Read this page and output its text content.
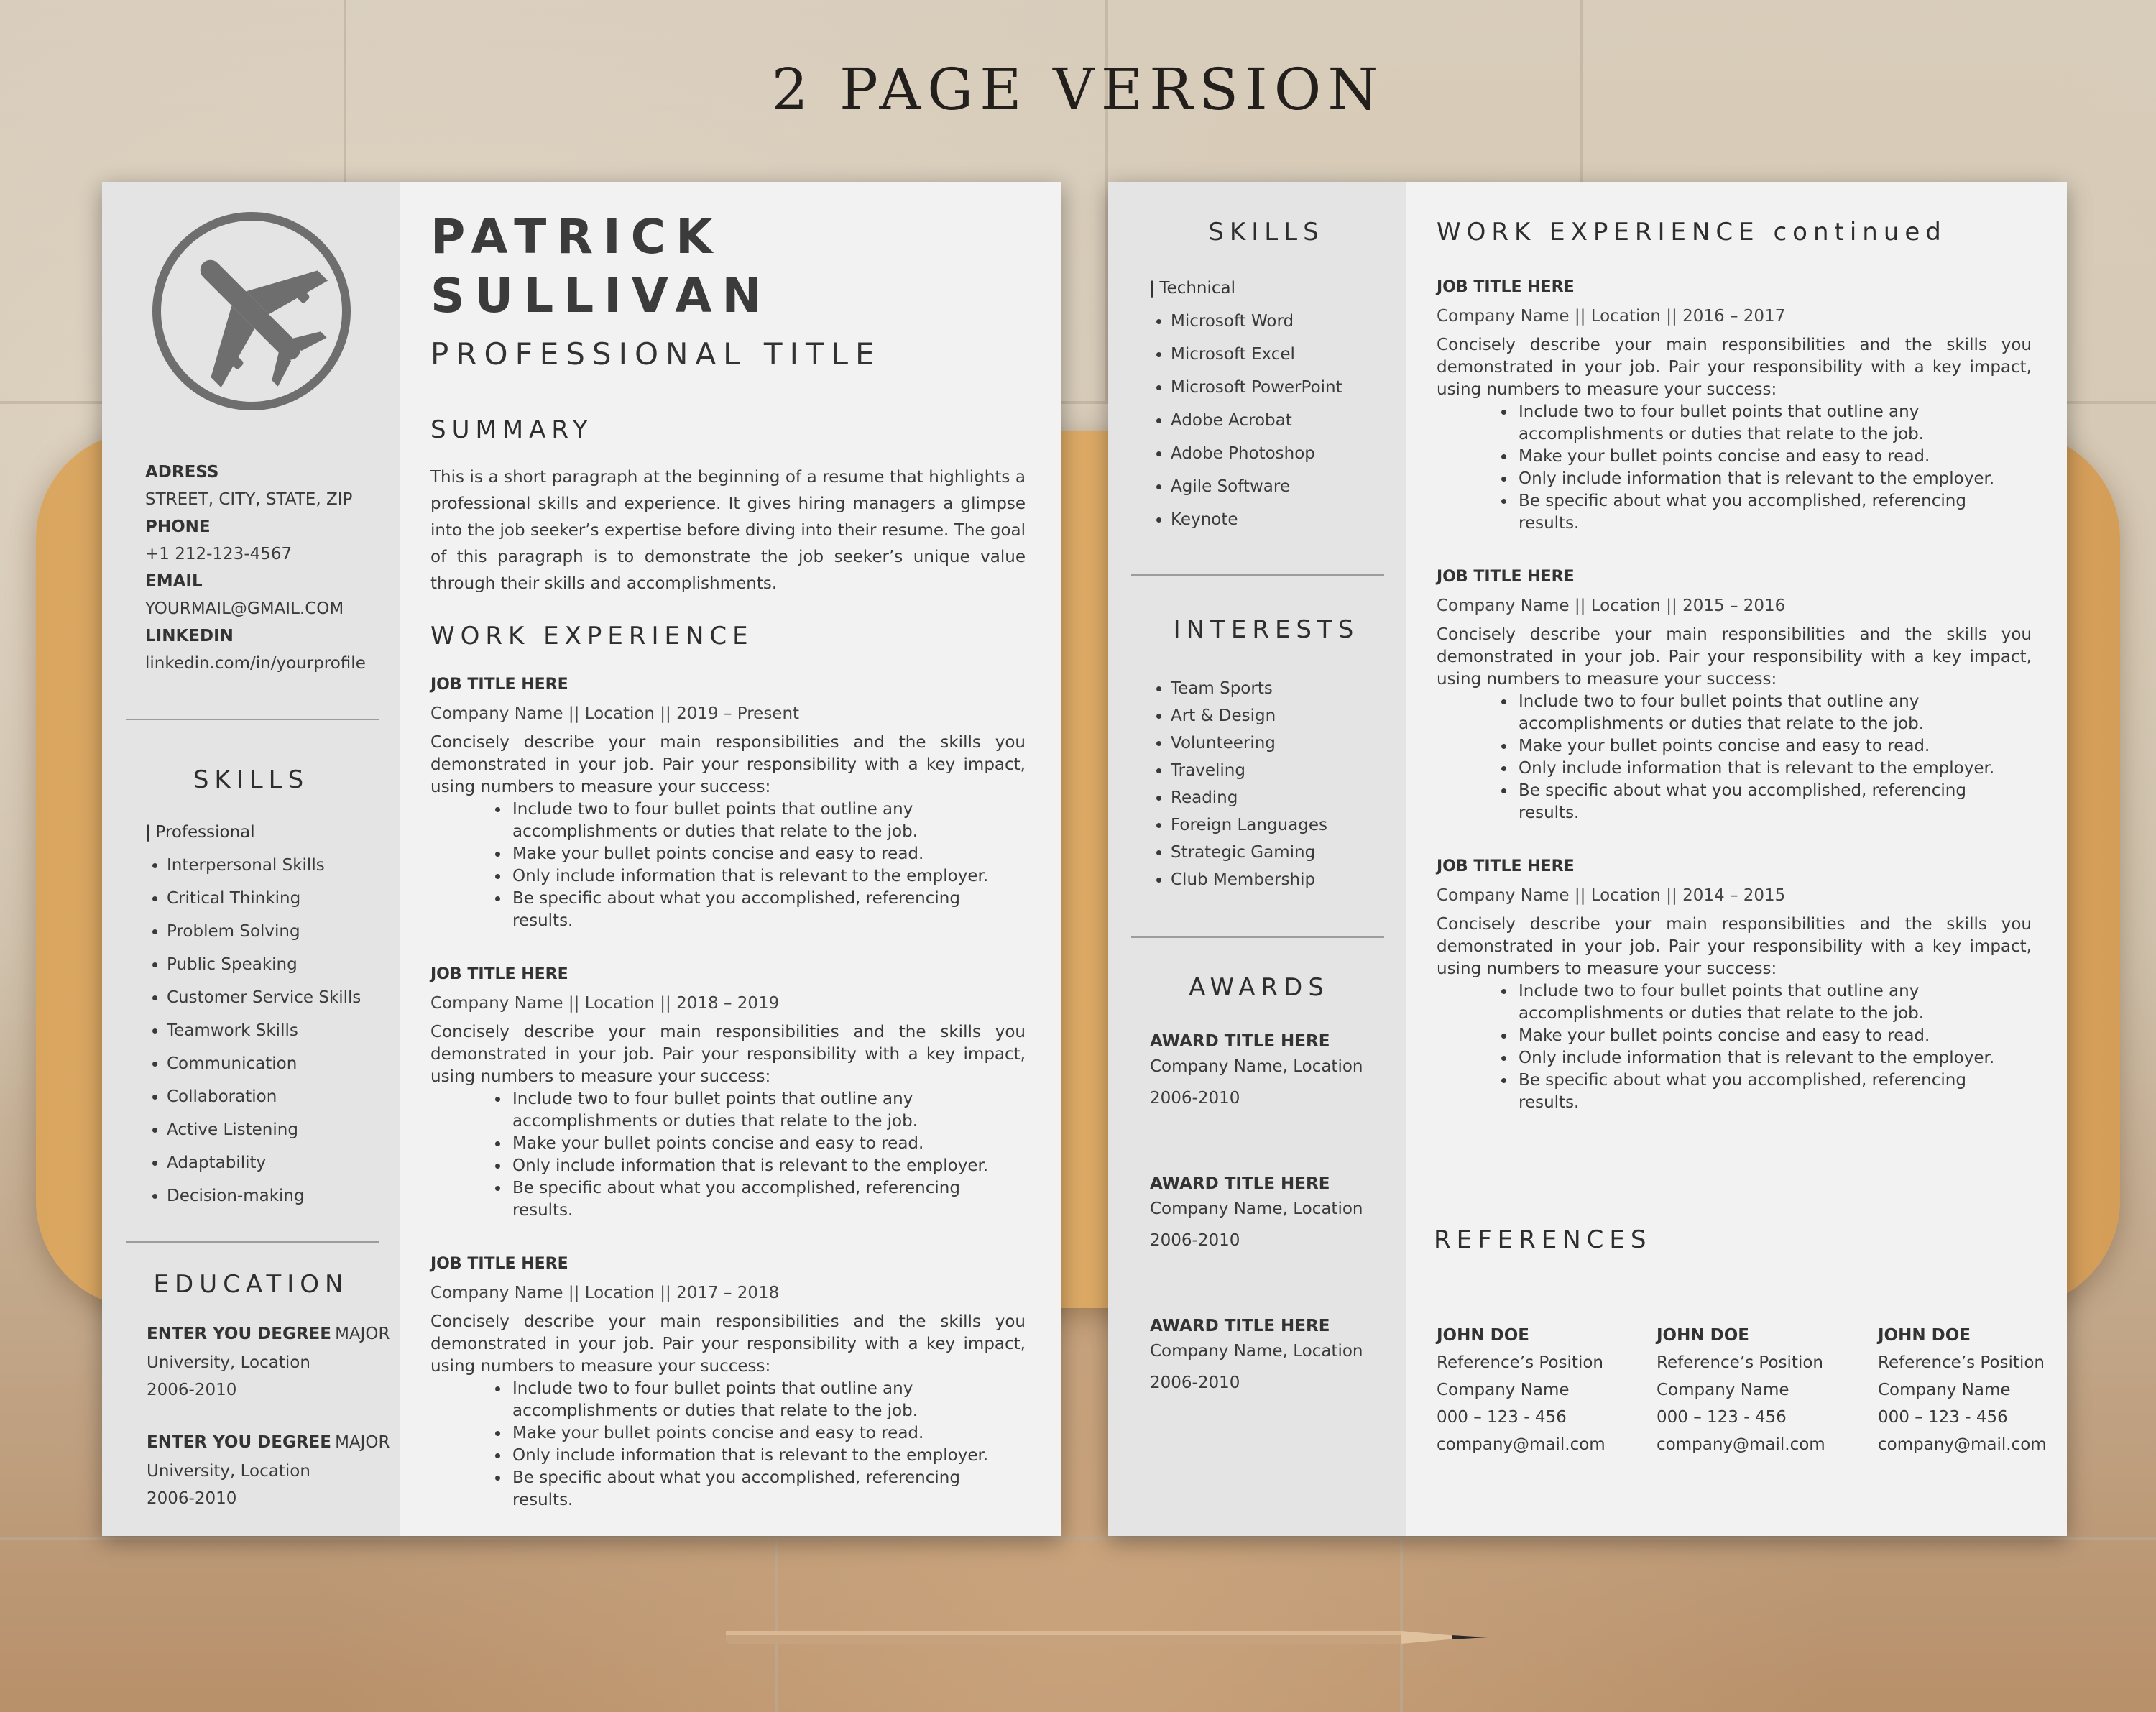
2 PAGE VERSION
ADRESS
STREET, CITY, STATE, ZIP
PHONE
+1 212-123-4567
EMAIL
YOURMAIL@GMAIL.COM
LINKEDIN
linkedin.com/in/yourprofile
SKILLS
| Professional
• Interpersonal Skills
• Critical Thinking
• Problem Solving
• Public Speaking
• Customer Service Skills
• Teamwork Skills
• Communication
• Collaboration
• Active Listening
• Adaptability
• Decision-making
EDUCATION
ENTER YOU DEGREE MAJOR
University, Location
2006-2010
ENTER YOU DEGREE MAJOR
University, Location
2006-2010
PATRICK
SULLIVAN
PROFESSIONAL TITLE
SUMMARY
This is a short paragraph at the beginning of a resume that highlights a professional skills and experience. It gives hiring managers a glimpse into the job seeker’s expertise before diving into their resume. The goal of this paragraph is to demonstrate the job seeker’s unique value through their skills and accomplishments.
WORK EXPERIENCE
JOB TITLE HERE
Company Name || Location || 2019 – Present
Concisely describe your main responsibilities and the skills you demonstrated in your job. Pair your responsibility with a key impact, using numbers to measure your success:
• Include two to four bullet points that outline any accomplishments or duties that relate to the job.
• Make your bullet points concise and easy to read.
• Only include information that is relevant to the employer.
• Be specific about what you accomplished, referencing results.
JOB TITLE HERE
Company Name || Location || 2018 – 2019
Concisely describe your main responsibilities and the skills you demonstrated in your job. Pair your responsibility with a key impact, using numbers to measure your success:
• Include two to four bullet points that outline any accomplishments or duties that relate to the job.
• Make your bullet points concise and easy to read.
• Only include information that is relevant to the employer.
• Be specific about what you accomplished, referencing results.
JOB TITLE HERE
Company Name || Location || 2017 – 2018
Concisely describe your main responsibilities and the skills you demonstrated in your job. Pair your responsibility with a key impact, using numbers to measure your success:
• Include two to four bullet points that outline any accomplishments or duties that relate to the job.
• Make your bullet points concise and easy to read.
• Only include information that is relevant to the employer.
• Be specific about what you accomplished, referencing results.
SKILLS
| Technical
• Microsoft Word
• Microsoft Excel
• Microsoft PowerPoint
• Adobe Acrobat
• Adobe Photoshop
• Agile Software
• Keynote
INTERESTS
• Team Sports
• Art & Design
• Volunteering
• Traveling
• Reading
• Foreign Languages
• Strategic Gaming
• Club Membership
AWARDS
AWARD TITLE HERE
Company Name, Location
2006-2010
AWARD TITLE HERE
Company Name, Location
2006-2010
AWARD TITLE HERE
Company Name, Location
2006-2010
WORK EXPERIENCE continued
JOB TITLE HERE
Company Name || Location || 2016 – 2017
Concisely describe your main responsibilities and the skills you demonstrated in your job. Pair your responsibility with a key impact, using numbers to measure your success:
• Include two to four bullet points that outline any accomplishments or duties that relate to the job.
• Make your bullet points concise and easy to read.
• Only include information that is relevant to the employer.
• Be specific about what you accomplished, referencing results.
JOB TITLE HERE
Company Name || Location || 2015 – 2016
Concisely describe your main responsibilities and the skills you demonstrated in your job. Pair your responsibility with a key impact, using numbers to measure your success:
• Include two to four bullet points that outline any accomplishments or duties that relate to the job.
• Make your bullet points concise and easy to read.
• Only include information that is relevant to the employer.
• Be specific about what you accomplished, referencing results.
JOB TITLE HERE
Company Name || Location || 2014 – 2015
Concisely describe your main responsibilities and the skills you demonstrated in your job. Pair your responsibility with a key impact, using numbers to measure your success:
• Include two to four bullet points that outline any accomplishments or duties that relate to the job.
• Make your bullet points concise and easy to read.
• Only include information that is relevant to the employer.
• Be specific about what you accomplished, referencing results.
REFERENCES
JOHN DOE
Reference’s Position
Company Name
000 – 123 - 456
company@mail.com
JOHN DOE
Reference’s Position
Company Name
000 – 123 - 456
company@mail.com
JOHN DOE
Reference’s Position
Company Name
000 – 123 - 456
company@mail.com
